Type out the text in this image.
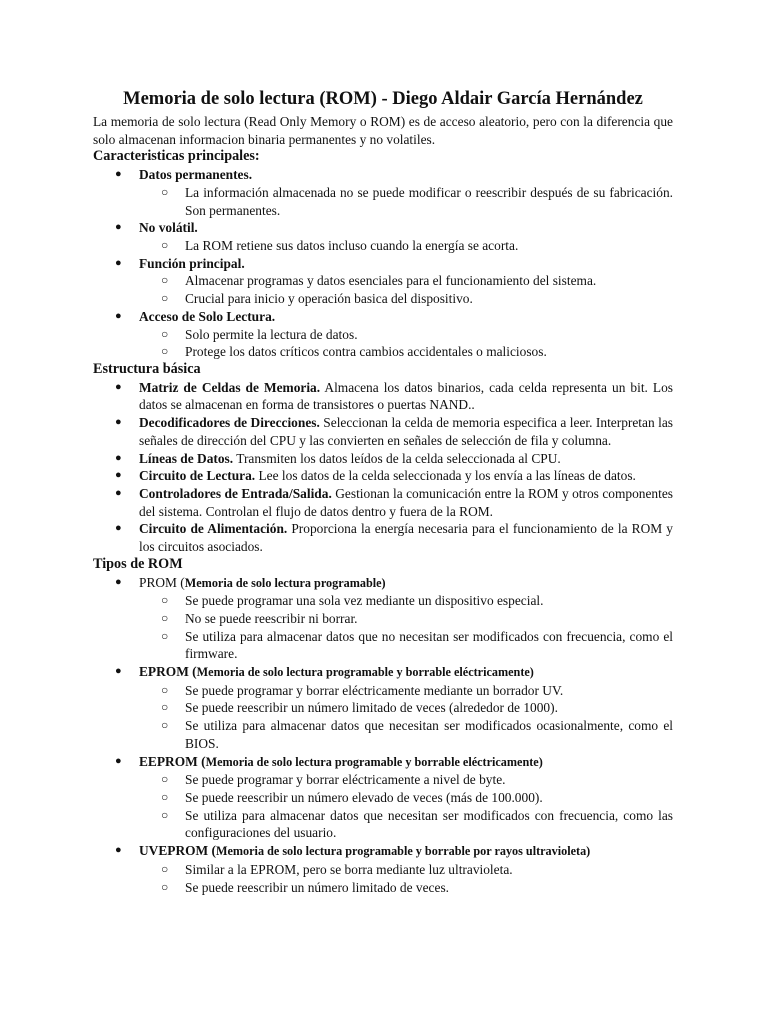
Memoria de solo lectura (ROM) - Diego Aldair García Hernández

La memoria de solo lectura (Read Only Memory o ROM) es de acceso aleatorio, pero con la diferencia que solo almacenan informacion binaria permanentes y no volatiles.

Caracteristicas principales:
● Datos permanentes.
○ La información almacenada no se puede modificar o reescribir después de su fabricación. Son permanentes.
● No volátil.
○ La ROM retiene sus datos incluso cuando la energía se acorta.
● Función principal.
○ Almacenar programas y datos esenciales para el funcionamiento del sistema.
○ Crucial para inicio y operación basica del dispositivo.
● Acceso de Solo Lectura.
○ Solo permite la lectura de datos.
○ Protege los datos críticos contra cambios accidentales o maliciosos.
Estructura básica
● Matriz de Celdas de Memoria. Almacena los datos binarios, cada celda representa un bit. Los datos se almacenan en forma de transistores o puertas NAND..
● Decodificadores de Direcciones. Seleccionan la celda de memoria especifica a leer. Interpretan las señales de dirección del CPU y las convierten en señales de selección de fila y columna.
● Líneas de Datos. Transmiten los datos leídos de la celda seleccionada al CPU.
● Circuito de Lectura. Lee los datos de la celda seleccionada y los envía a las líneas de datos.
● Controladores de Entrada/Salida. Gestionan la comunicación entre la ROM y otros componentes del sistema. Controlan el flujo de datos dentro y fuera de la ROM.
● Circuito de Alimentación. Proporciona la energía necesaria para el funcionamiento de la ROM y los circuitos asociados.
Tipos de ROM
● PROM (Memoria de solo lectura programable)
○ Se puede programar una sola vez mediante un dispositivo especial.
○ No se puede reescribir ni borrar.
○ Se utiliza para almacenar datos que no necesitan ser modificados con frecuencia, como el firmware.
● EPROM (Memoria de solo lectura programable y borrable eléctricamente)
○ Se puede programar y borrar eléctricamente mediante un borrador UV.
○ Se puede reescribir un número limitado de veces (alrededor de 1000).
○ Se utiliza para almacenar datos que necesitan ser modificados ocasionalmente, como el BIOS.
● EEPROM (Memoria de solo lectura programable y borrable eléctricamente)
○ Se puede programar y borrar eléctricamente a nivel de byte.
○ Se puede reescribir un número elevado de veces (más de 100.000).
○ Se utiliza para almacenar datos que necesitan ser modificados con frecuencia, como las configuraciones del usuario.
● UVEPROM (Memoria de solo lectura programable y borrable por rayos ultravioleta)
○ Similar a la EPROM, pero se borra mediante luz ultravioleta.
○ Se puede reescribir un número limitado de veces.
